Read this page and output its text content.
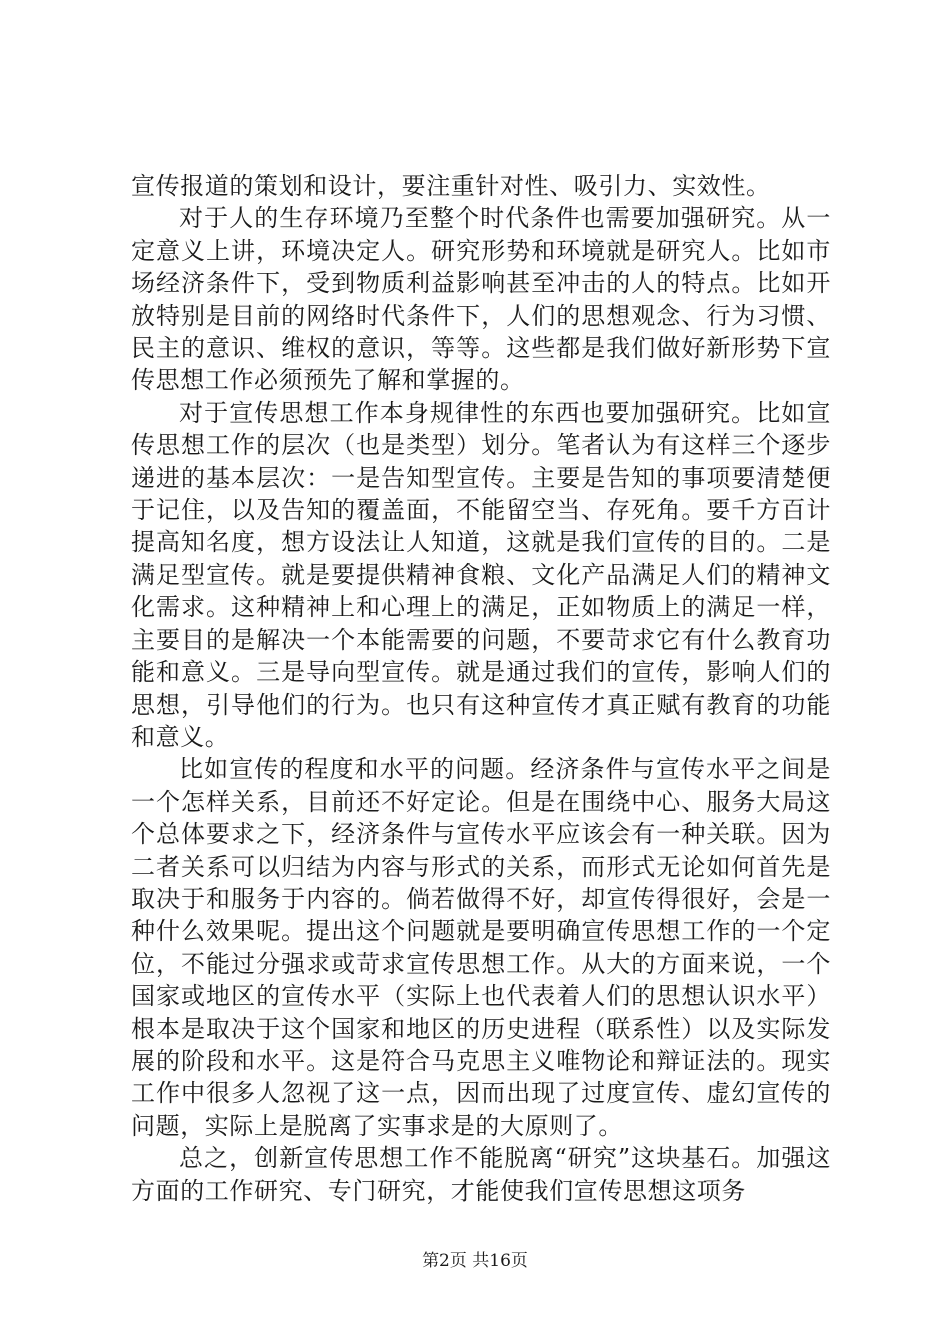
宣传报道的策划和设计，要注重针对性、吸引力、实效性。

对于人的生存环境乃至整个时代条件也需要加强研究。从一定意义上讲，环境决定人。研究形势和环境就是研究人。比如市场经济条件下，受到物质利益影响甚至冲击的人的特点。比如开放特别是目前的网络时代条件下，人们的思想观念、行为习惯、民主的意识、维权的意识，等等。这些都是我们做好新形势下宣传思想工作必须预先了解和掌握的。

对于宣传思想工作本身规律性的东西也要加强研究。比如宣传思想工作的层次（也是类型）划分。笔者认为有这样三个逐步递进的基本层次：一是告知型宣传。主要是告知的事项要清楚便于记住，以及告知的覆盖面，不能留空当、存死角。要千方百计提高知名度，想方设法让人知道，这就是我们宣传的目的。二是满足型宣传。就是要提供精神食粮、文化产品满足人们的精神文化需求。这种精神上和心理上的满足，正如物质上的满足一样，主要目的是解决一个本能需要的问题，不要苛求它有什么教育功能和意义。三是导向型宣传。就是通过我们的宣传，影响人们的思想，引导他们的行为。也只有这种宣传才真正赋有教育的功能和意义。

比如宣传的程度和水平的问题。经济条件与宣传水平之间是一个怎样关系，目前还不好定论。但是在围绕中心、服务大局这个总体要求之下，经济条件与宣传水平应该会有一种关联。因为二者关系可以归结为内容与形式的关系，而形式无论如何首先是取决于和服务于内容的。倘若做得不好，却宣传得很好，会是一种什么效果呢。提出这个问题就是要明确宣传思想工作的一个定位，不能过分强求或苛求宣传思想工作。从大的方面来说，一个国家或地区的宣传水平（实际上也代表着人们的思想认识水平）根本是取决于这个国家和地区的历史进程（联系性）以及实际发展的阶段和水平。这是符合马克思主义唯物论和辩证法的。现实工作中很多人忽视了这一点，因而出现了过度宣传、虚幻宣传的问题，实际上是脱离了实事求是的大原则了。

总之，创新宣传思想工作不能脱离“研究”这块基石。加强这方面的工作研究、专门研究，才能使我们宣传思想这项务

第2页 共16页
